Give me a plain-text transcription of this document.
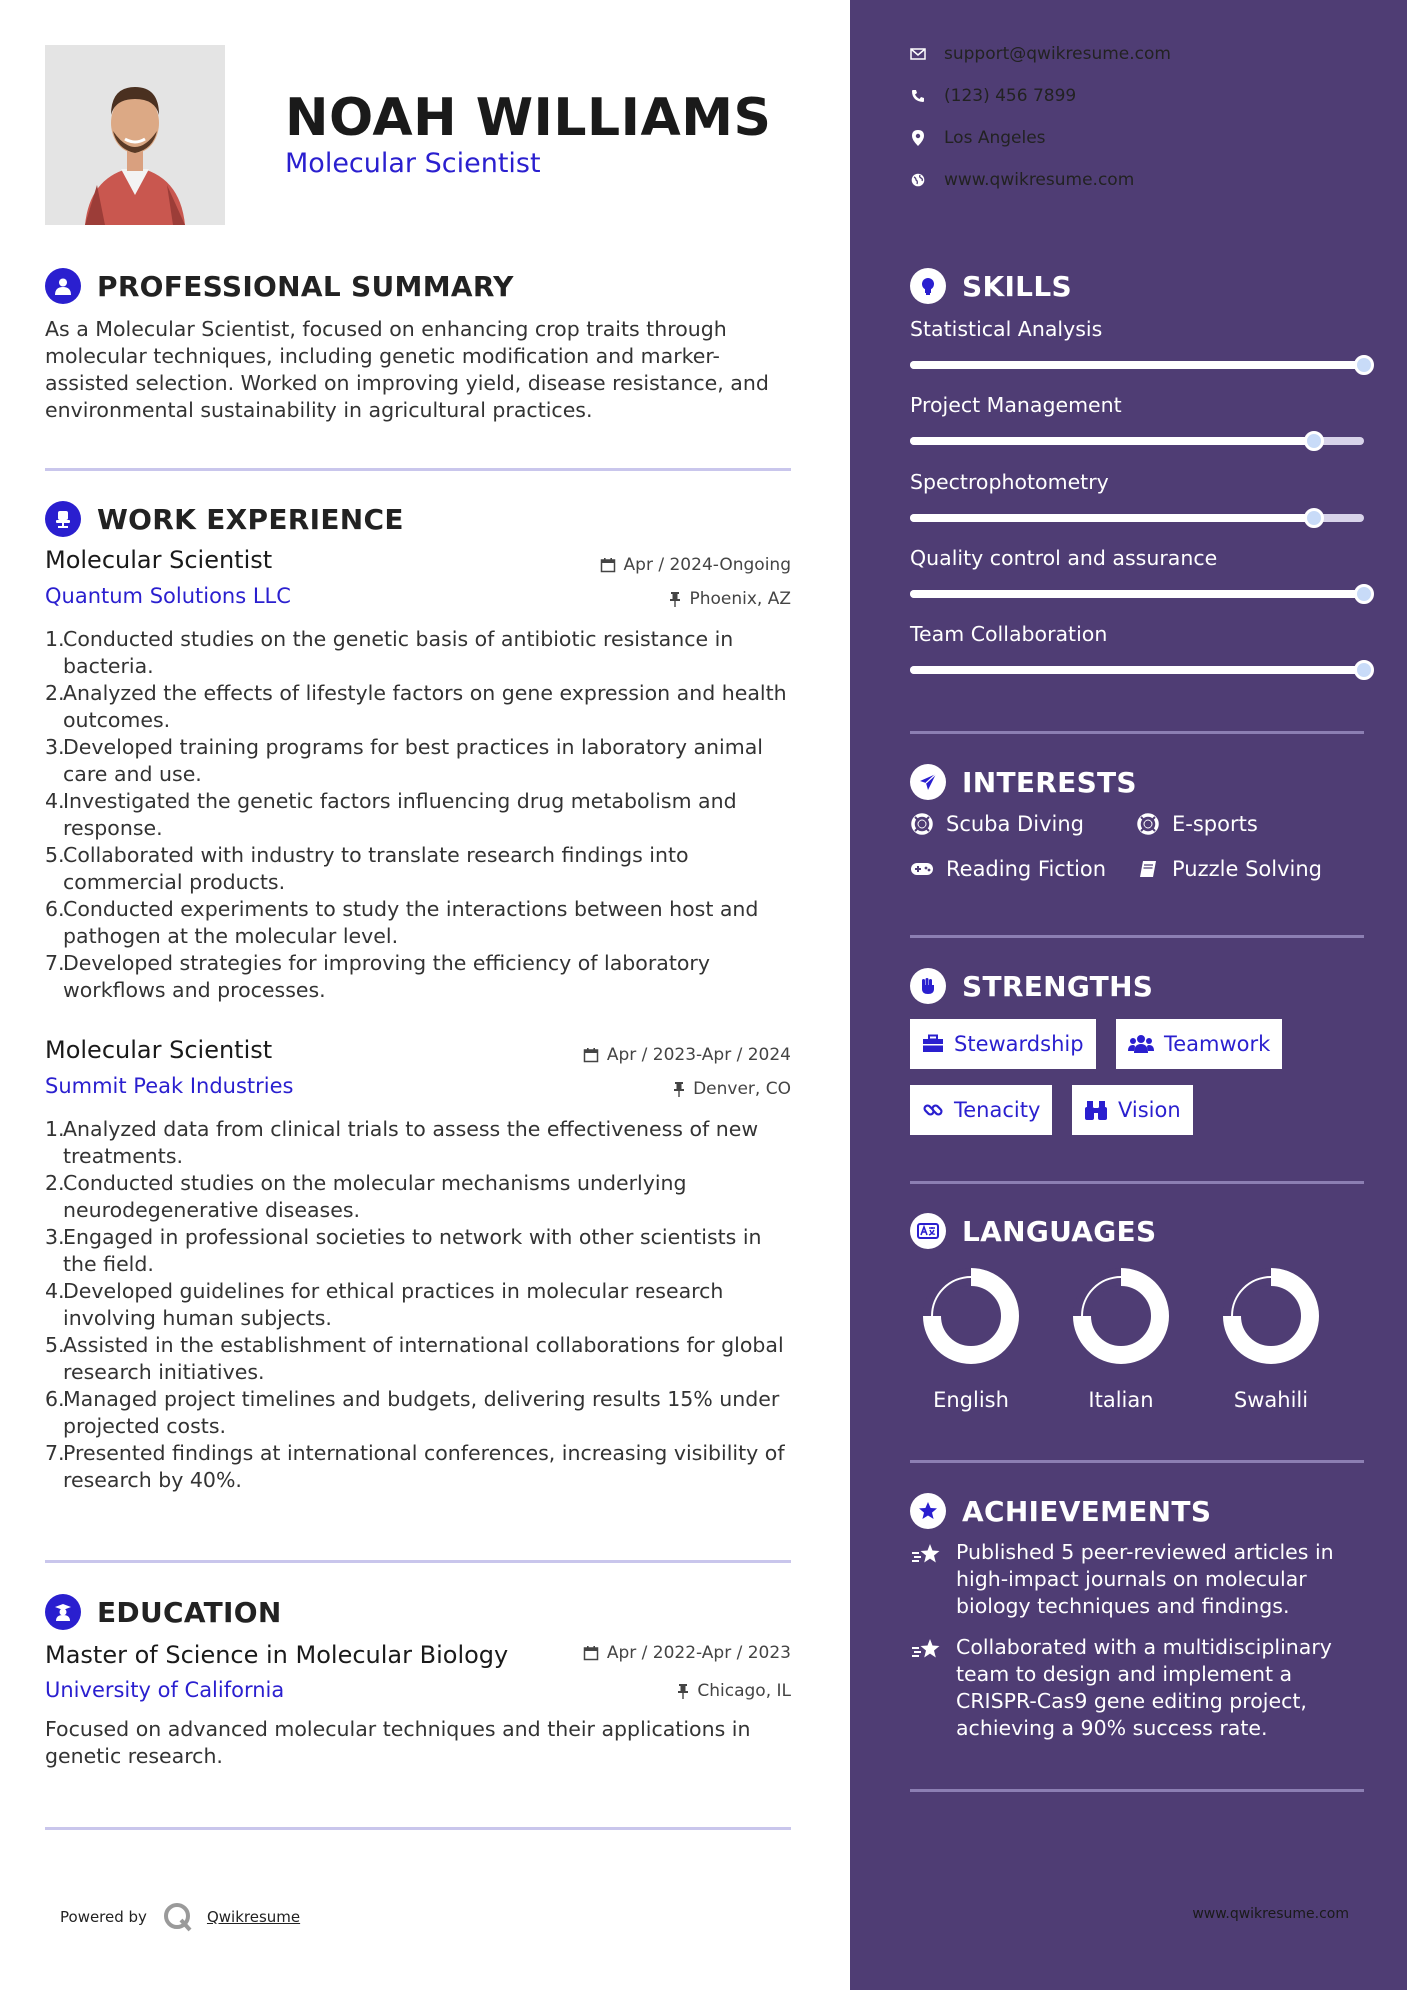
NOAH WILLIAMS
Molecular Scientist
PROFESSIONAL SUMMARY
As a Molecular Scientist, focused on enhancing crop traits through molecular techniques, including genetic modification and marker-assisted selection. Worked on improving yield, disease resistance, and environmental sustainability in agricultural practices.
WORK EXPERIENCE
Molecular Scientist	Apr / 2024-Ongoing
Quantum Solutions LLC	Phoenix, AZ
1.
Conducted studies on the genetic basis of antibiotic resistance in bacteria.
2.
Analyzed the effects of lifestyle factors on gene expression and health outcomes.
3.
Developed training programs for best practices in laboratory animal care and use.
4.
Investigated the genetic factors influencing drug metabolism and response.
5.
Collaborated with industry to translate research findings into commercial products.
6.
Conducted experiments to study the interactions between host and pathogen at the molecular level.
7.
Developed strategies for improving the efficiency of laboratory workflows and processes.
Molecular Scientist	Apr / 2023-Apr / 2024
Summit Peak Industries	Denver, CO
1.
Analyzed data from clinical trials to assess the effectiveness of new treatments.
2.
Conducted studies on the molecular mechanisms underlying neurodegenerative diseases.
3.
Engaged in professional societies to network with other scientists in the field.
4.
Developed guidelines for ethical practices in molecular research involving human subjects.
5.
Assisted in the establishment of international collaborations for global research initiatives.
6.
Managed project timelines and budgets, delivering results 15% under projected costs.
7.
Presented findings at international conferences, increasing visibility of research by 40%.
EDUCATION
Master of Science in Molecular Biology	Apr / 2022-Apr / 2023
University of California	Chicago, IL
Focused on advanced molecular techniques and their applications in genetic research.
Powered by	Qwikresume
support@qwikresume.com
(123) 456 7899
Los Angeles
www.qwikresume.com
SKILLS
Statistical Analysis
Project Management
Spectrophotometry
Quality control and assurance
Team Collaboration
INTERESTS
Scuba Diving	E-sports
Reading Fiction	Puzzle Solving
STRENGTHS
Stewardship	Teamwork
Tenacity	Vision
LANGUAGES
English	Italian	Swahili
ACHIEVEMENTS
Published 5 peer-reviewed articles in high-impact journals on molecular biology techniques and findings.
Collaborated with a multidisciplinary team to design and implement a CRISPR-Cas9 gene editing project, achieving a 90% success rate.
www.qwikresume.com
